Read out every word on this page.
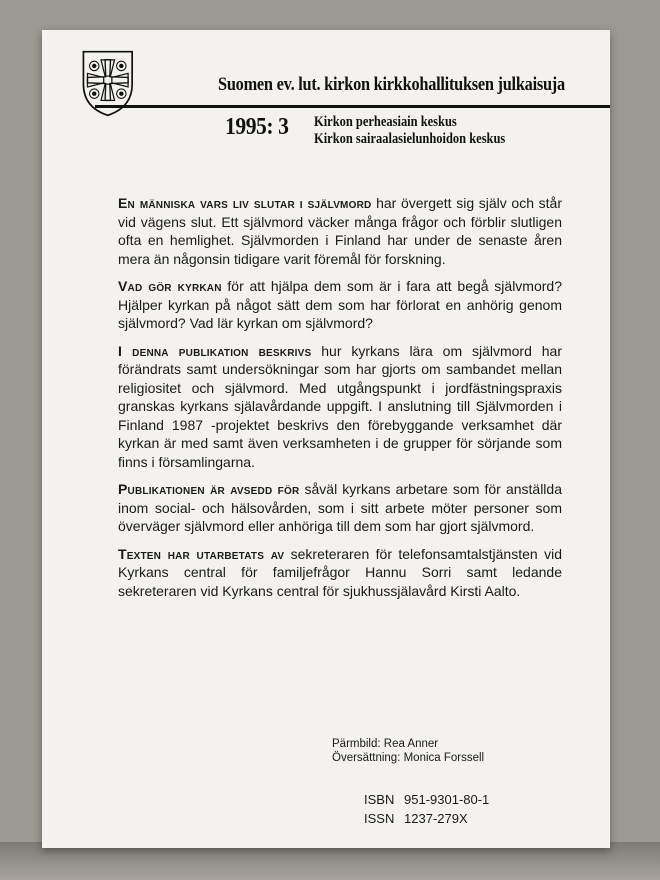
Suomen ev. lut. kirkon kirkkohallituksen julkaisuja
1995: 3 Kirkon perheasiain keskus
Kirkon sairaalasielunhoidon keskus

En människa vars liv slutar i självmord har övergett sig själv och står vid vägens slut. Ett självmord väcker många frågor och förblir slutligen ofta en hemlighet. Självmorden i Finland har under de senaste åren mera än någonsin tidigare varit föremål för forskning.

Vad gör kyrkan för att hjälpa dem som är i fara att begå självmord? Hjälper kyrkan på något sätt dem som har förlorat en anhörig genom självmord? Vad lär kyrkan om självmord?

I denna publikation beskrivs hur kyrkans lära om självmord har förändrats samt undersökningar som har gjorts om sambandet mellan religiositet och självmord. Med utgångspunkt i jordfästningspraxis granskas kyrkans själavårdande uppgift. I anslutning till Självmorden i Finland 1987 -projektet beskrivs den förebyggande verksamhet där kyrkan är med samt även verksamheten i de grupper för sörjande som finns i församlingarna.

Publikationen är avsedd för såväl kyrkans arbetare som för anställda inom social- och hälsovården, som i sitt arbete möter personer som överväger självmord eller anhöriga till dem som har gjort självmord.

Texten har utarbetats av sekreteraren för telefonsamtalstjänsten vid Kyrkans central för familjefrågor Hannu Sorri samt ledande sekreteraren vid Kyrkans central för sjukhussjälavård Kirsti Aalto.

Pärmbild: Rea Anner
Översättning: Monica Forssell
ISBN 951-9301-80-1
ISSN 1237-279X
